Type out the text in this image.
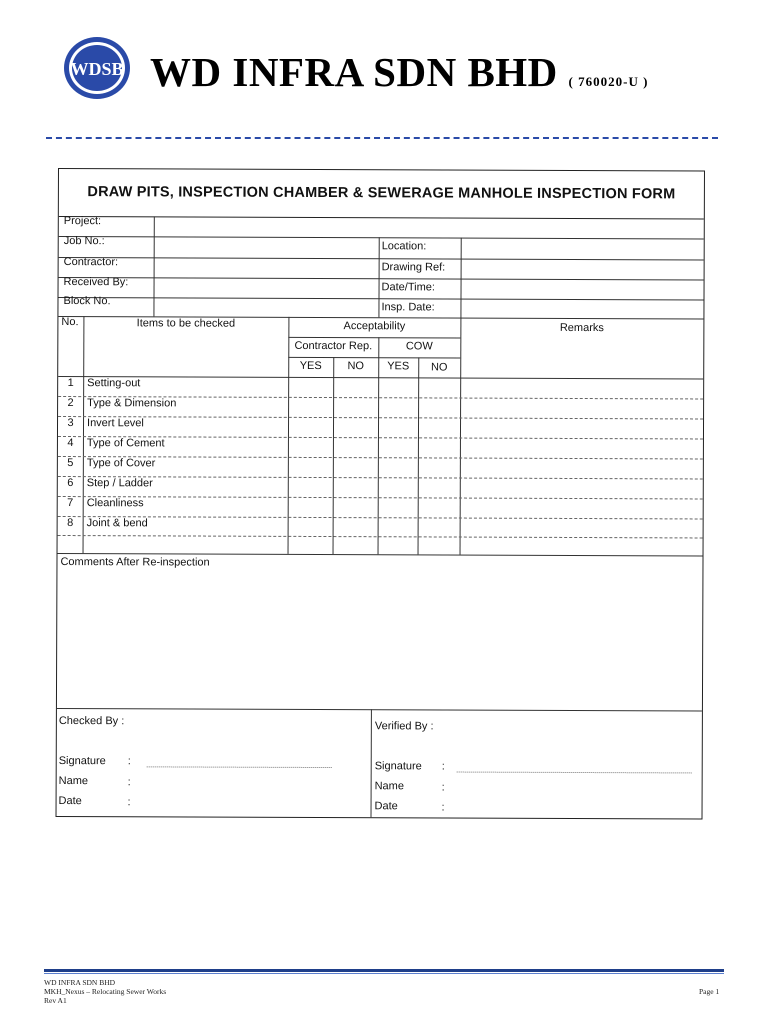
WDSB WD INFRA SDN BHD ( 760020-U )
DRAW PITS, INSPECTION CHAMBER & SEWERAGE MANHOLE INSPECTION FORM
Project:
Job No.:
Contractor:
Received By:
Block No.
Location:
Drawing Ref:
Date/Time:
Insp. Date:
No.	Items to be checked	Acceptability
Contractor Rep.	COW
YES	NO	YES	NO
Remarks
1	Setting-out
2	Type & Dimension
3	Invert Level
4	Type of Cement
5	Type of Cover
6	Step / Ladder
7	Cleanliness
8	Joint & bend
Comments After Re-inspection
Checked By :
Signature :
Name	:
Date	:
Verified By :
Signature :
Name	:
Date	:
WD INFRA SDN BHD
MKH_Nexus – Relocating Sewer Works
Rev A1
Page 1
